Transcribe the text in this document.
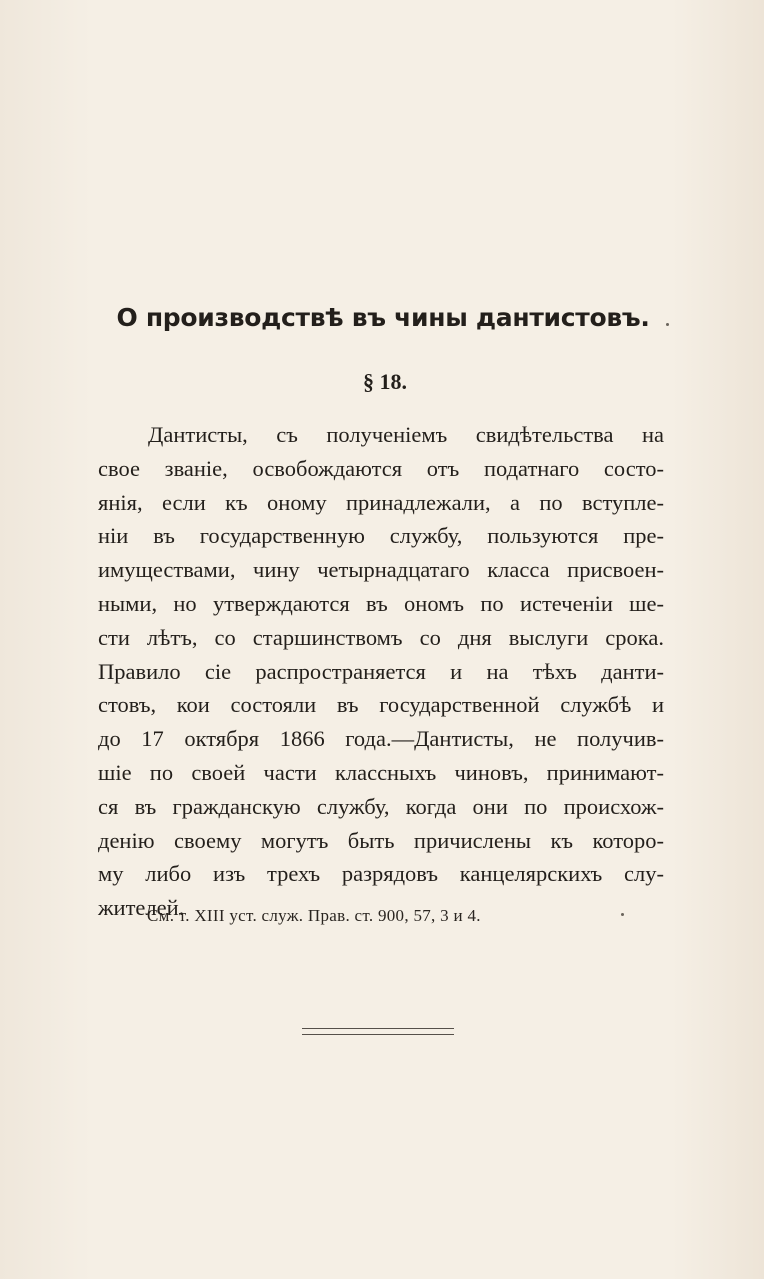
О производствѣ въ чины дантистовъ.
§ 18.
Дантисты, съ полученіемъ свидѣтельства на
свое званіе, освобождаются отъ податнаго состо-
янія, если къ оному принадлежали, а по вступле-
ніи въ государственную службу, пользуются пре-
имуществами, чину четырнадцатаго класса присвоен-
ными, но утверждаются въ ономъ по истеченіи ше-
сти лѣтъ, со старшинствомъ со дня выслуги срока.
Правило сіе распространяется и на тѣхъ данти-
стовъ, кои состояли въ государственной службѣ и
до 17 октября 1866 года.—Дантисты, не получив-
шіе по своей части классныхъ чиновъ, принимают-
ся въ гражданскую службу, когда они по происхож-
денію своему могутъ быть причислены къ которо-
му либо изъ трехъ разрядовъ канцелярскихъ слу-
жителей.
См. т. XIII уст. служ. Прав. ст. 900, 57, 3 и 4.
